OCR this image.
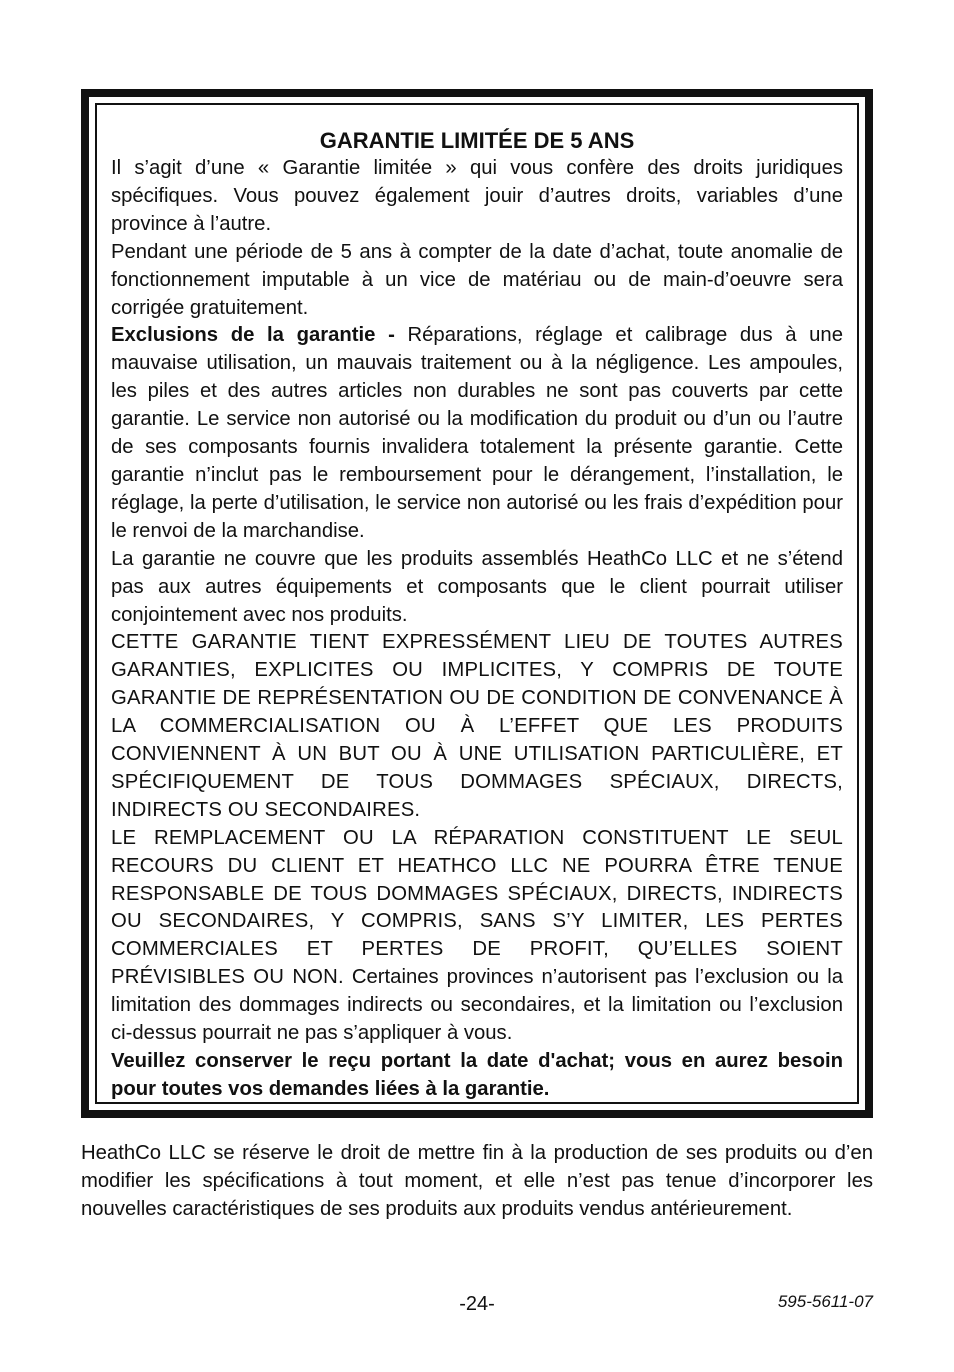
GARANTIE LIMITÉE DE 5 ANS

Il s’agit d’une « Garantie limitée » qui vous confère des droits juridiques spécifiques. Vous pouvez également jouir d’autres droits, variables d’une province à l’autre.

Pendant une période de 5 ans à compter de la date d’achat, toute anomalie de fonctionnement imputable à un vice de matériau ou de main-d’oeuvre sera corrigée gratuitement.

Exclusions de la garantie - Réparations, réglage et calibrage dus à une mauvaise utilisation, un mauvais traitement ou à la négligence. Les ampoules, les piles et des autres articles non durables ne sont pas couverts par cette garantie. Le service non autorisé ou la modification du produit ou d’un ou l’autre de ses composants fournis invalidera totalement la présente garantie. Cette garantie n’inclut pas le remboursement pour le dérangement, l’installation, le réglage, la perte d’utilisation, le service non autorisé ou les frais d’expédition pour le renvoi de la marchandise.

La garantie ne couvre que les produits assemblés HeathCo LLC et ne s’étend pas aux autres équipements et composants que le client pourrait utiliser conjointement avec nos produits.

CETTE GARANTIE TIENT EXPRESSÉMENT LIEU DE TOUTES AUTRES GARANTIES, EXPLICITES OU IMPLICITES, Y COMPRIS DE TOUTE GARANTIE DE REPRÉSENTATION OU DE CONDITION DE CONVENANCE À LA COMMERCIALISATION OU À L’EFFET QUE LES PRODUITS CONVIENNENT À UN BUT OU À UNE UTILISATION PARTICULIÈRE, ET SPÉCIFIQUEMENT DE TOUS DOMMAGES SPÉCIAUX, DIRECTS, INDIRECTS OU SECONDAIRES.

LE REMPLACEMENT OU LA RÉPARATION CONSTITUENT LE SEUL RECOURS DU CLIENT ET HEATHCO LLC NE POURRA ÊTRE TENUE RESPONSABLE DE TOUS DOMMAGES SPÉCIAUX, DIRECTS, INDIRECTS OU SECONDAIRES, Y COMPRIS, SANS S’Y LIMITER, LES PERTES COMMERCIALES ET PERTES DE PROFIT, QU’ELLES SOIENT PRÉVISIBLES OU NON. Certaines provinces n’autorisent pas l’exclusion ou la limitation des dommages indirects ou secondaires, et la limitation ou l’exclusion ci-dessus pourrait ne pas s’appliquer à vous.

Veuillez conserver le reçu portant la date d'achat; vous en aurez besoin pour toutes vos demandes liées à la garantie.

HeathCo LLC se réserve le droit de mettre fin à la production de ses produits ou d’en modifier les spécifications à tout moment, et elle n’est pas tenue d’incorporer les nouvelles caractéristiques de ses produits aux produits vendus antérieurement.

-24-	595-5611-07
